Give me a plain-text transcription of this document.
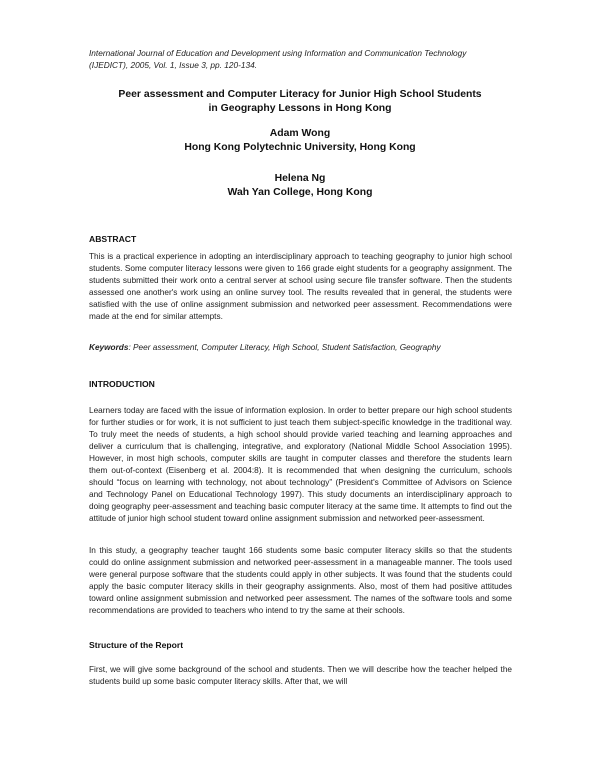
International Journal of Education and Development using Information and Communication Technology
(IJEDICT), 2005, Vol. 1, Issue 3, pp. 120-134.
Peer assessment and Computer Literacy for Junior High School Students
in Geography Lessons in Hong Kong
Adam Wong
Hong Kong Polytechnic University, Hong Kong
Helena Ng
Wah Yan College, Hong Kong
ABSTRACT

This is a practical experience in adopting an interdisciplinary approach to teaching geography to junior high school students. Some computer literacy lessons were given to 166 grade eight students for a geography assignment. The students submitted their work onto a central server at school using secure file transfer software. Then the students assessed one another's work using an online survey tool. The results revealed that in general, the students were satisfied with the use of online assignment submission and networked peer assessment. Recommendations were made at the end for similar attempts.

Keywords: Peer assessment, Computer Literacy, High School, Student Satisfaction, Geography
INTRODUCTION

Learners today are faced with the issue of information explosion. In order to better prepare our high school students for further studies or for work, it is not sufficient to just teach them subject-specific knowledge in the traditional way. To truly meet the needs of students, a high school should provide varied teaching and learning approaches and deliver a curriculum that is challenging, integrative, and exploratory (National Middle School Association 1995). However, in most high schools, computer skills are taught in computer classes and therefore the students learn them out-of-context (Eisenberg et al. 2004:8). It is recommended that when designing the curriculum, schools should “focus on learning with technology, not about technology” (President's Committee of Advisors on Science and Technology Panel on Educational Technology 1997). This study documents an interdisciplinary approach to doing geography peer-assessment and teaching basic computer literacy at the same time. It attempts to find out the attitude of junior high school student toward online assignment submission and networked peer-assessment.

In this study, a geography teacher taught 166 students some basic computer literacy skills so that the students could do online assignment submission and networked peer-assessment in a manageable manner. The tools used were general purpose software that the students could apply in other subjects. It was found that the students could apply the basic computer literacy skills in their geography assignments. Also, most of them had positive attitudes toward online assignment submission and networked peer assessment. The names of the software tools and some recommendations are provided to teachers who intend to try the same at their schools.

Structure of the Report

First, we will give some background of the school and students. Then we will describe how the teacher helped the students build up some basic computer literacy skills. After that, we will
